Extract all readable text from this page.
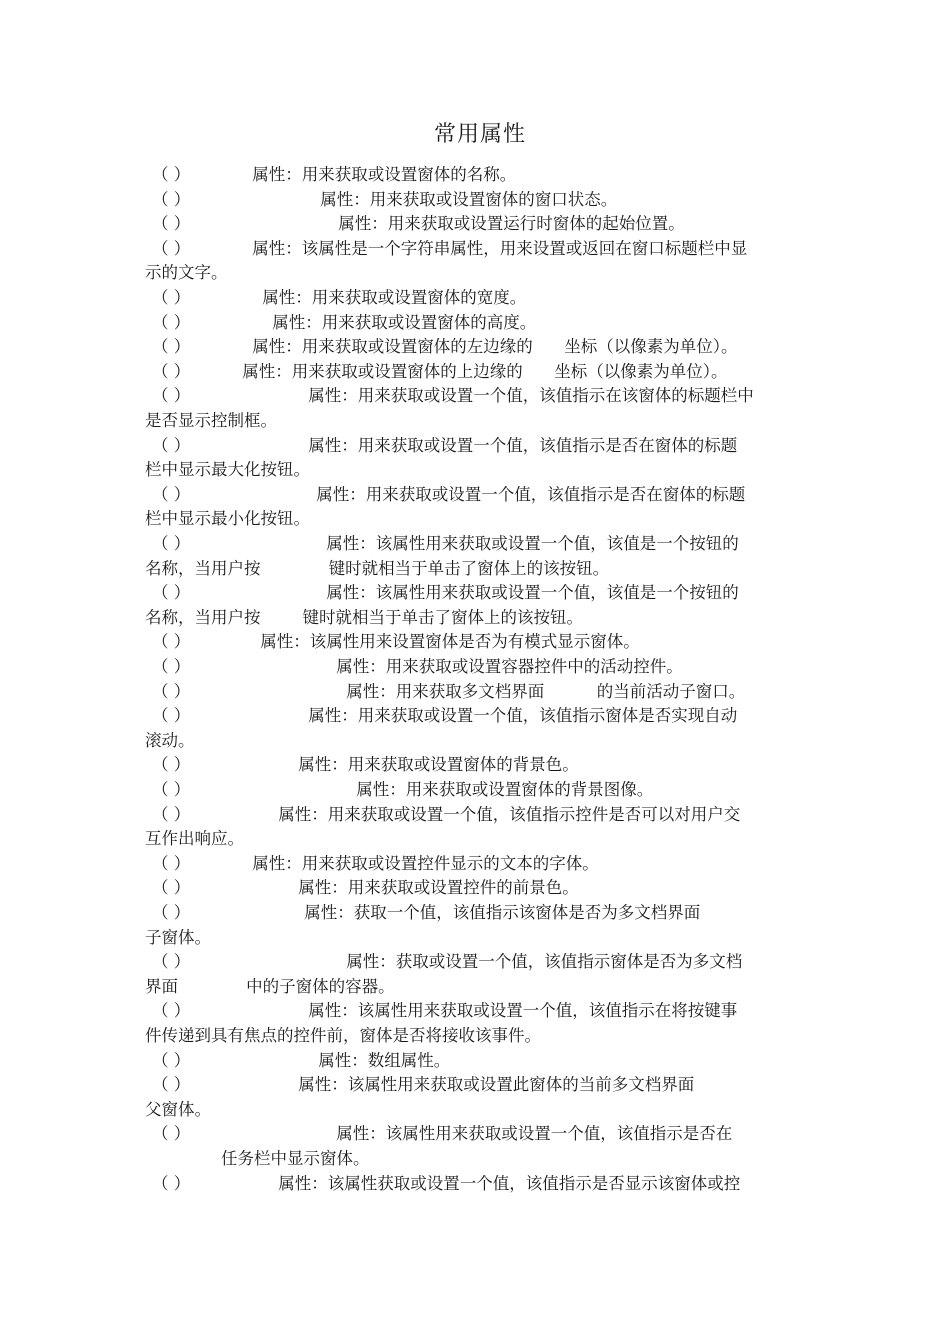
常用属性
（ ）	属性：用来获取或设置窗体的名称。
（ ）	属性：用来获取或设置窗体的窗口状态。
（ ）	属性：用来获取或设置运行时窗体的起始位置。
（ ）	属性：该属性是一个字符串属性，用来设置或返回在窗口标题栏中显
示的文字。
（ ）	属性：用来获取或设置窗体的宽度。
（ ）	属性：用来获取或设置窗体的高度。
（ ）	属性：用来获取或设置窗体的左边缘的      坐标（以像素为单位）。
（ ）	属性：用来获取或设置窗体的上边缘的      坐标（以像素为单位）。
（ ）	属性：用来获取或设置一个值，该值指示在该窗体的标题栏中
是否显示控制框。
（ ）	属性：用来获取或设置一个值，该值指示是否在窗体的标题
栏中显示最大化按钮。
（ ）	属性：用来获取或设置一个值，该值指示是否在窗体的标题
栏中显示最小化按钮。
（ ）	属性：该属性用来获取或设置一个值，该值是一个按钮的
名称，当用户按             键时就相当于单击了窗体上的该按钮。
（ ）	属性：该属性用来获取或设置一个值，该值是一个按钮的
名称，当用户按        键时就相当于单击了窗体上的该按钮。
（ ）	属性：该属性用来设置窗体是否为有模式显示窗体。
（ ）	属性：用来获取或设置容器控件中的活动控件。
（ ）	属性：用来获取多文档界面          的当前活动子窗口。
（ ）	属性：用来获取或设置一个值，该值指示窗体是否实现自动
滚动。
（ ）	属性：用来获取或设置窗体的背景色。
（ ）	属性：用来获取或设置窗体的背景图像。
（ ）	属性：用来获取或设置一个值，该值指示控件是否可以对用户交
互作出响应。
（ ）	属性：用来获取或设置控件显示的文本的字体。
（ ）	属性：用来获取或设置控件的前景色。
（ ）	属性：获取一个值，该值指示该窗体是否为多文档界面
子窗体。
（ ）	属性：获取或设置一个值，该值指示窗体是否为多文档
界面             中的子窗体的容器。
（ ）	属性：该属性用来获取或设置一个值，该值指示在将按键事
件传递到具有焦点的控件前，窗体是否将接收该事件。
（ ）	属性：数组属性。
（ ）	属性：该属性用来获取或设置此窗体的当前多文档界面
父窗体。
（ ）	属性：该属性用来获取或设置一个值，该值指示是否在
任务栏中显示窗体。
（ ）	属性：该属性获取或设置一个值，该值指示是否显示该窗体或控
